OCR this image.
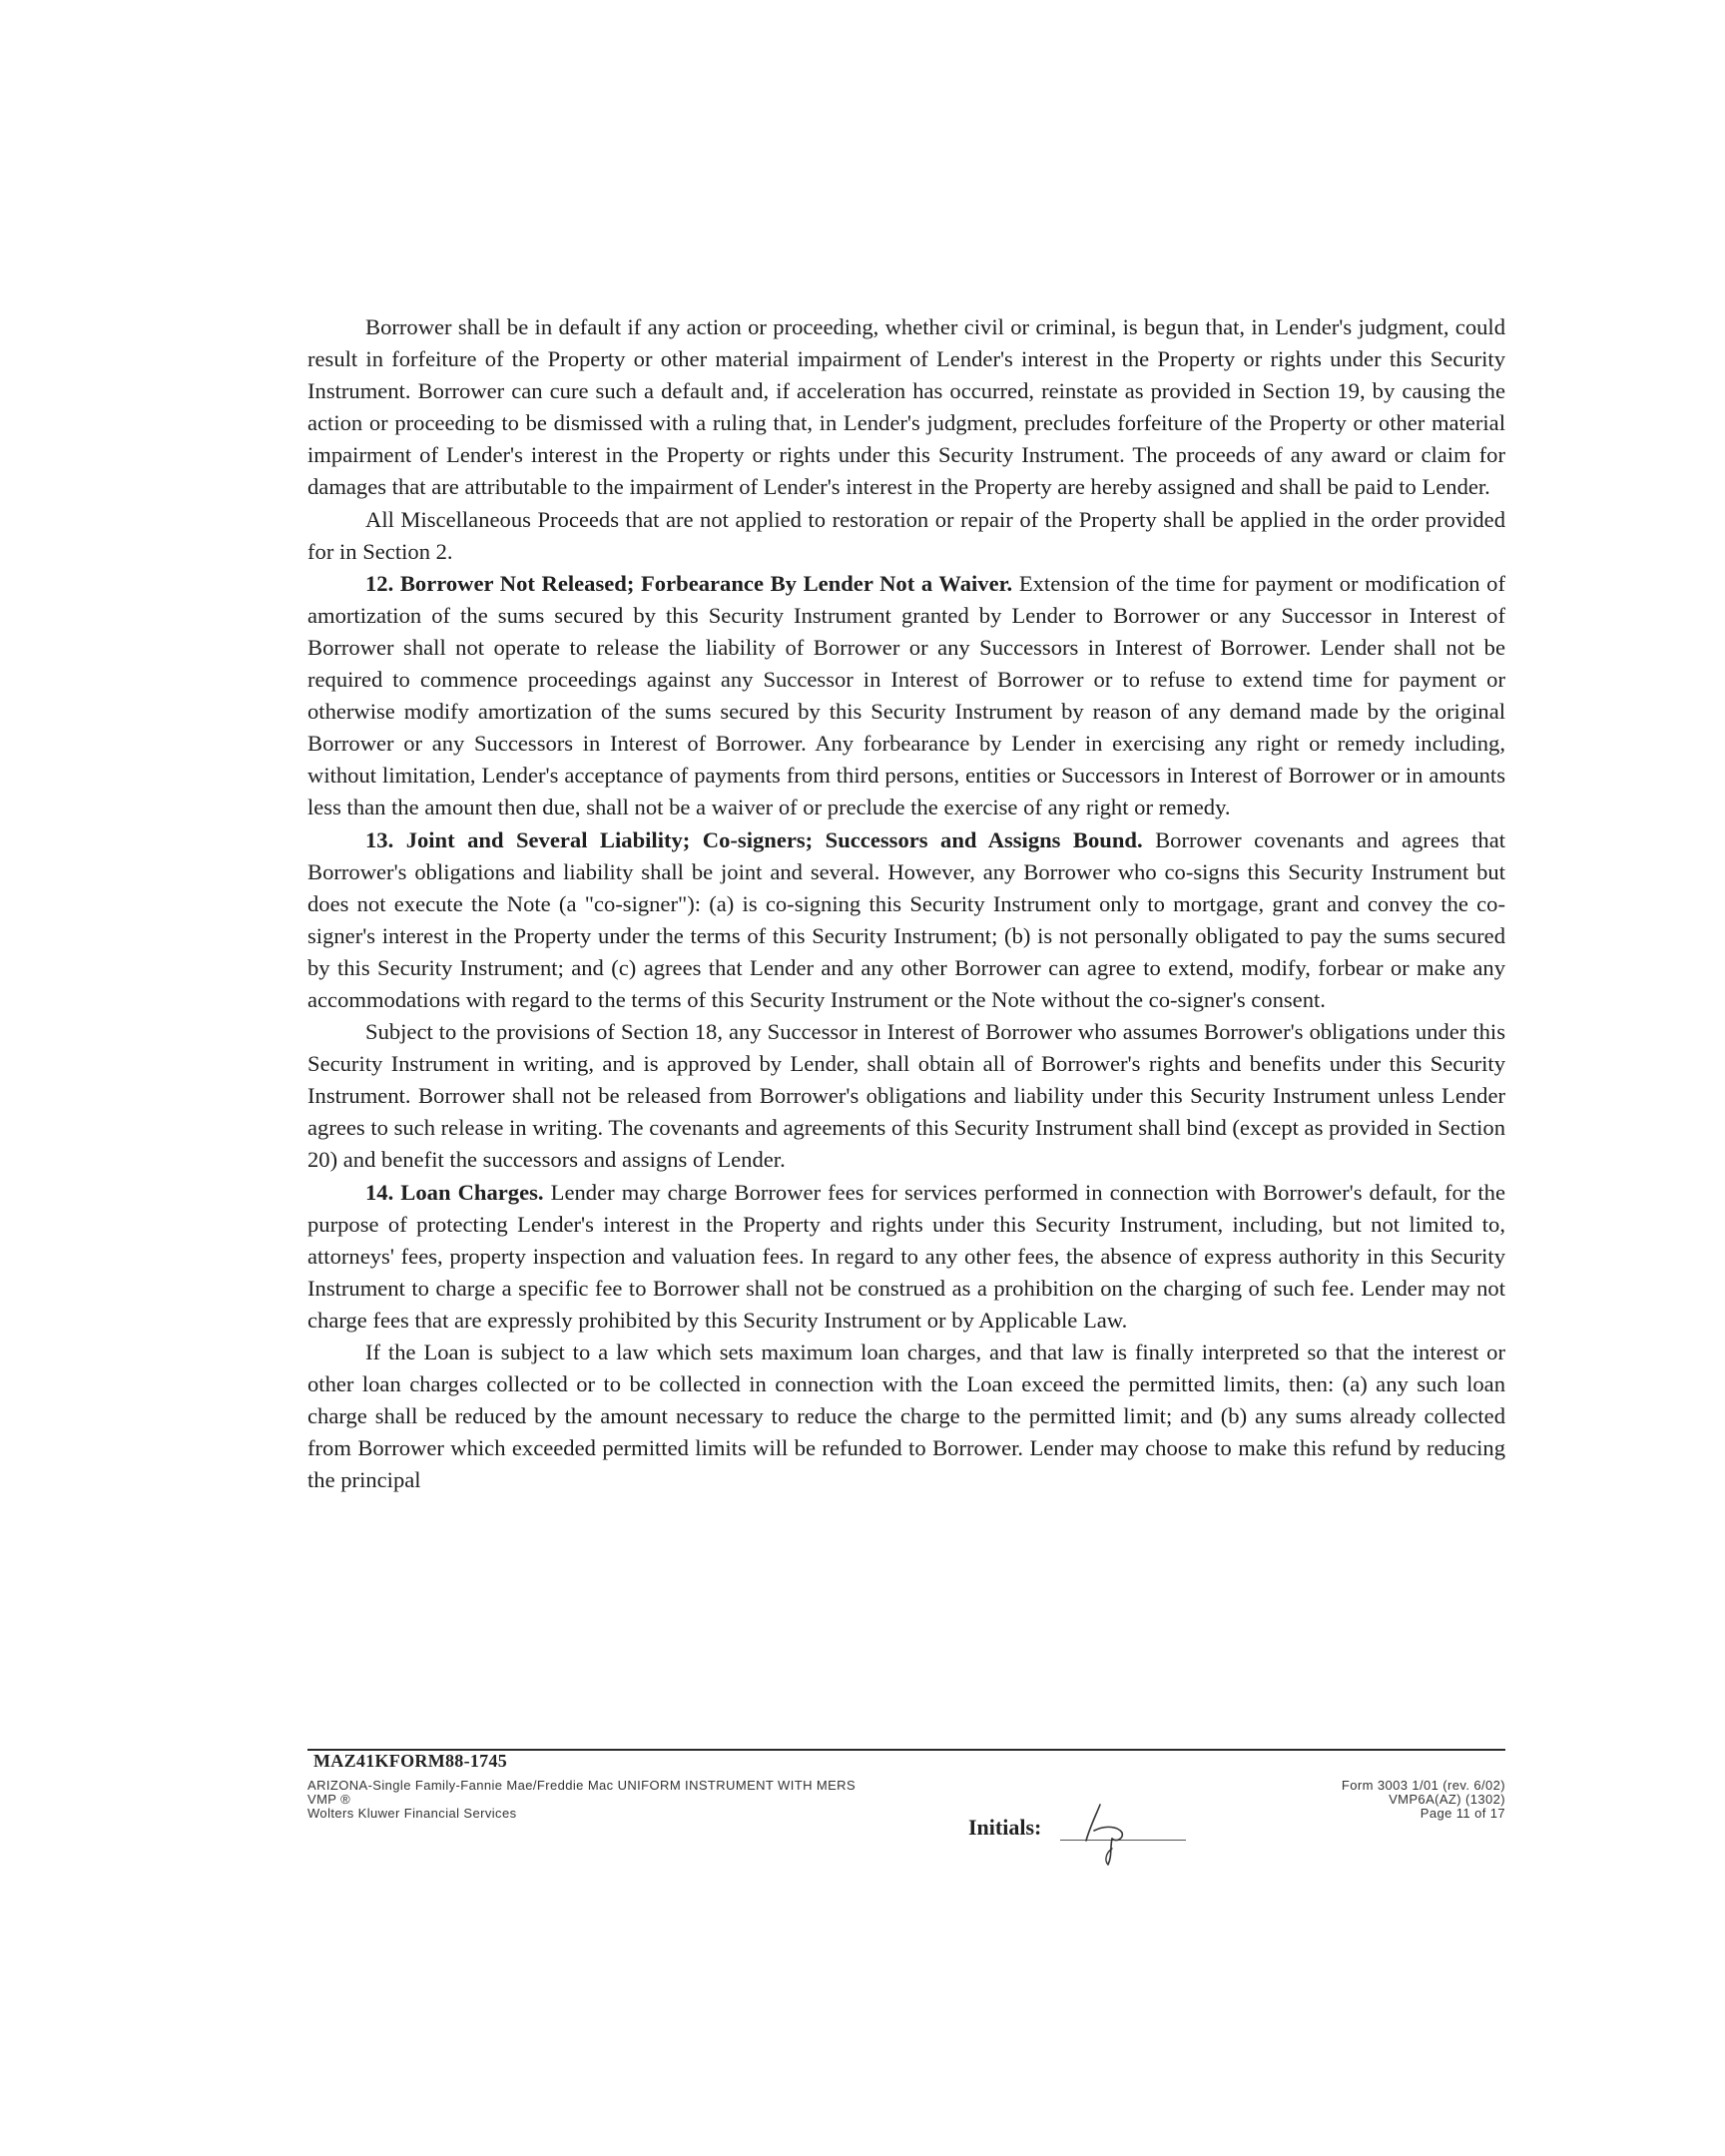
Borrower shall be in default if any action or proceeding, whether civil or criminal, is begun that, in Lender's judgment, could result in forfeiture of the Property or other material impairment of Lender's interest in the Property or rights under this Security Instrument. Borrower can cure such a default and, if acceleration has occurred, reinstate as provided in Section 19, by causing the action or proceeding to be dismissed with a ruling that, in Lender's judgment, precludes forfeiture of the Property or other material impairment of Lender's interest in the Property or rights under this Security Instrument. The proceeds of any award or claim for damages that are attributable to the impairment of Lender's interest in the Property are hereby assigned and shall be paid to Lender.

All Miscellaneous Proceeds that are not applied to restoration or repair of the Property shall be applied in the order provided for in Section 2.

12. Borrower Not Released; Forbearance By Lender Not a Waiver. Extension of the time for payment or modification of amortization of the sums secured by this Security Instrument granted by Lender to Borrower or any Successor in Interest of Borrower shall not operate to release the liability of Borrower or any Successors in Interest of Borrower. Lender shall not be required to commence proceedings against any Successor in Interest of Borrower or to refuse to extend time for payment or otherwise modify amortization of the sums secured by this Security Instrument by reason of any demand made by the original Borrower or any Successors in Interest of Borrower. Any forbearance by Lender in exercising any right or remedy including, without limitation, Lender's acceptance of payments from third persons, entities or Successors in Interest of Borrower or in amounts less than the amount then due, shall not be a waiver of or preclude the exercise of any right or remedy.

13. Joint and Several Liability; Co-signers; Successors and Assigns Bound. Borrower covenants and agrees that Borrower's obligations and liability shall be joint and several. However, any Borrower who co-signs this Security Instrument but does not execute the Note (a "co-signer"): (a) is co-signing this Security Instrument only to mortgage, grant and convey the co-signer's interest in the Property under the terms of this Security Instrument; (b) is not personally obligated to pay the sums secured by this Security Instrument; and (c) agrees that Lender and any other Borrower can agree to extend, modify, forbear or make any accommodations with regard to the terms of this Security Instrument or the Note without the co-signer's consent.

Subject to the provisions of Section 18, any Successor in Interest of Borrower who assumes Borrower's obligations under this Security Instrument in writing, and is approved by Lender, shall obtain all of Borrower's rights and benefits under this Security Instrument. Borrower shall not be released from Borrower's obligations and liability under this Security Instrument unless Lender agrees to such release in writing. The covenants and agreements of this Security Instrument shall bind (except as provided in Section 20) and benefit the successors and assigns of Lender.

14. Loan Charges. Lender may charge Borrower fees for services performed in connection with Borrower's default, for the purpose of protecting Lender's interest in the Property and rights under this Security Instrument, including, but not limited to, attorneys' fees, property inspection and valuation fees. In regard to any other fees, the absence of express authority in this Security Instrument to charge a specific fee to Borrower shall not be construed as a prohibition on the charging of such fee. Lender may not charge fees that are expressly prohibited by this Security Instrument or by Applicable Law.

If the Loan is subject to a law which sets maximum loan charges, and that law is finally interpreted so that the interest or other loan charges collected or to be collected in connection with the Loan exceed the permitted limits, then: (a) any such loan charge shall be reduced by the amount necessary to reduce the charge to the permitted limit; and (b) any sums already collected from Borrower which exceeded permitted limits will be refunded to Borrower. Lender may choose to make this refund by reducing the principal

MAZ41KFORM88-1745
ARIZONA-Single Family-Fannie Mae/Freddie Mac UNIFORM INSTRUMENT WITH MERS
VMP ®
Wolters Kluwer Financial Services
Form 3003 1/01 (rev. 6/02)
VMP6A(AZ) (1302)
Page 11 of 17
Initials:
